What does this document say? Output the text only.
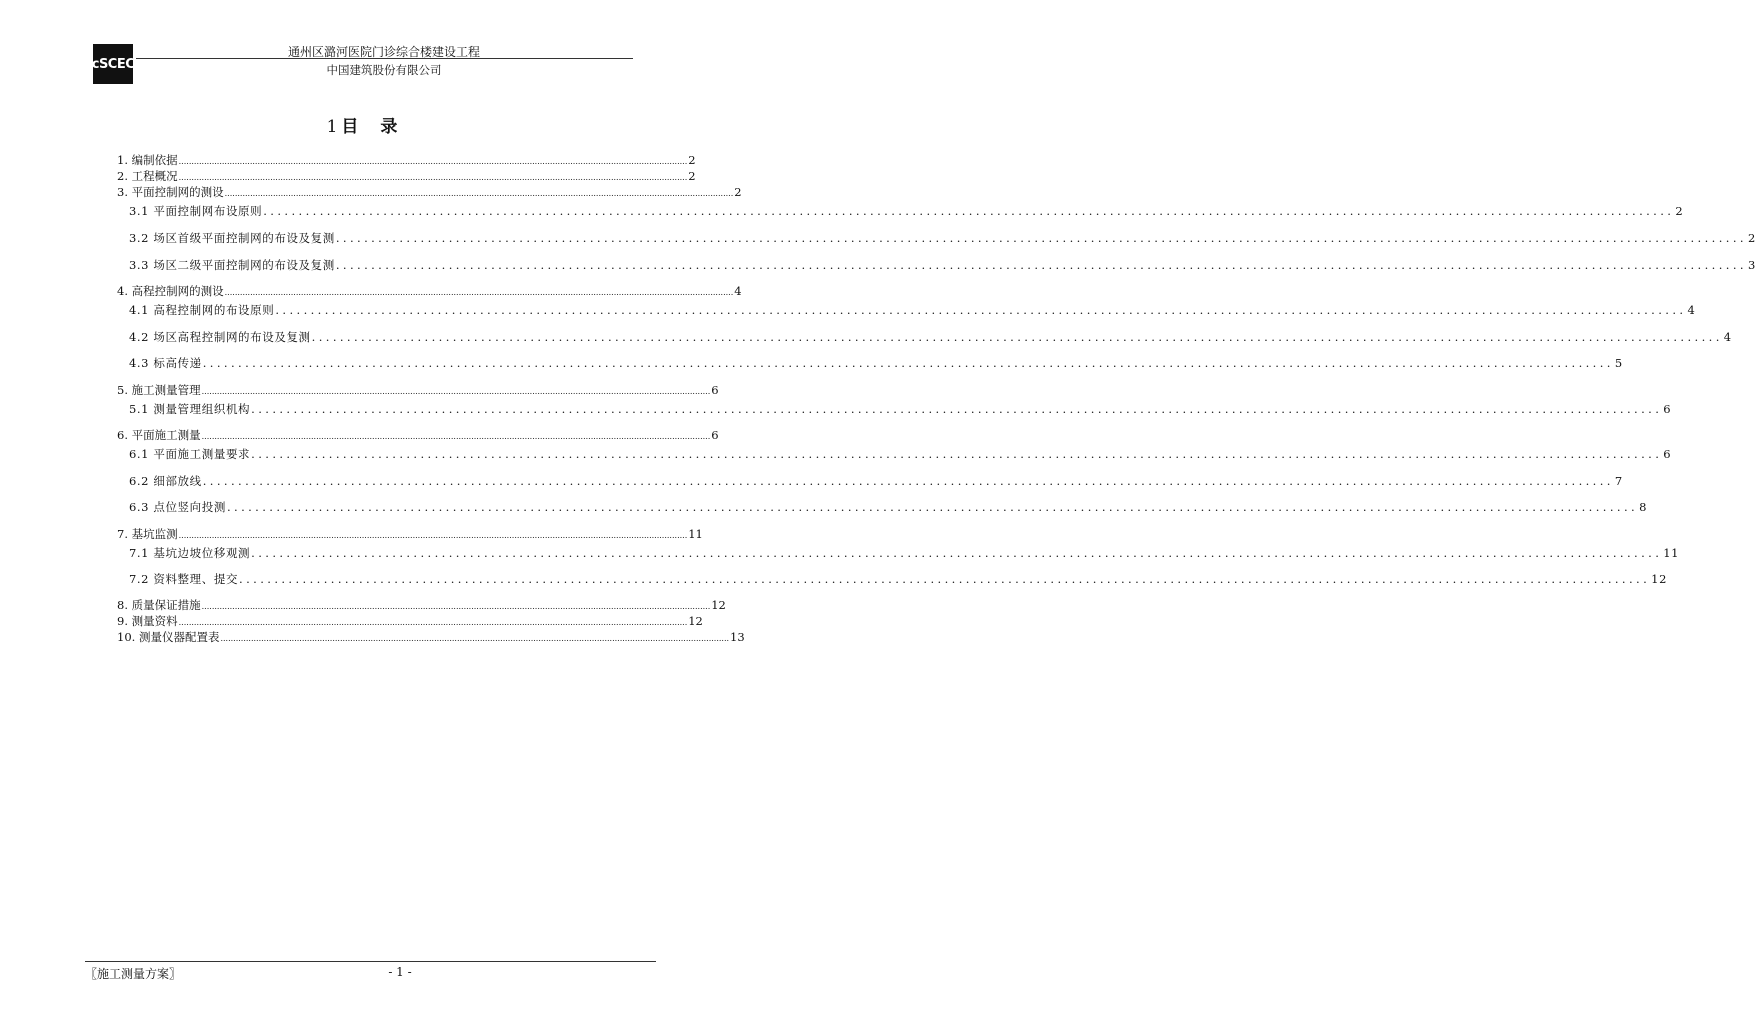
cSCEC
通州区潞河医院门诊综合楼建设工程
中国建筑股份有限公司
1 目 录
1. 编制依据 ........................................................................................................................................................................................................ 2
2. 工程概况 ........................................................................................................................................................................................................ 2
3. 平面控制网的测设 ........................................................................................................................................................................................................ 2
3.1 平面控制网布设原则 ........................................................................................................................................................................................................ 2
3.2 场区首级平面控制网的布设及复测 ........................................................................................................................................................................................................ 2
3.3 场区二级平面控制网的布设及复测 ........................................................................................................................................................................................................ 3
4. 高程控制网的测设 ........................................................................................................................................................................................................ 4
4.1 高程控制网的布设原则 ........................................................................................................................................................................................................ 4
4.2 场区高程控制网的布设及复测 ........................................................................................................................................................................................................ 4
4.3 标高传递 ........................................................................................................................................................................................................ 5
5. 施工测量管理 ........................................................................................................................................................................................................ 6
5.1 测量管理组织机构 ........................................................................................................................................................................................................ 6
6. 平面施工测量 ........................................................................................................................................................................................................ 6
6.1 平面施工测量要求 ........................................................................................................................................................................................................ 6
6.2 细部放线 ........................................................................................................................................................................................................ 7
6.3 点位竖向投测 ........................................................................................................................................................................................................ 8
7. 基坑监测 ........................................................................................................................................................................................................ 11
7.1 基坑边坡位移观测 ........................................................................................................................................................................................................ 11
7.2 资料整理、提交 ........................................................................................................................................................................................................ 12
8. 质量保证措施 ........................................................................................................................................................................................................ 12
9. 测量资料 ........................................................................................................................................................................................................ 12
10. 测量仪器配置表 ........................................................................................................................................................................................................ 13
〖施工测量方案〗	- 1 -
